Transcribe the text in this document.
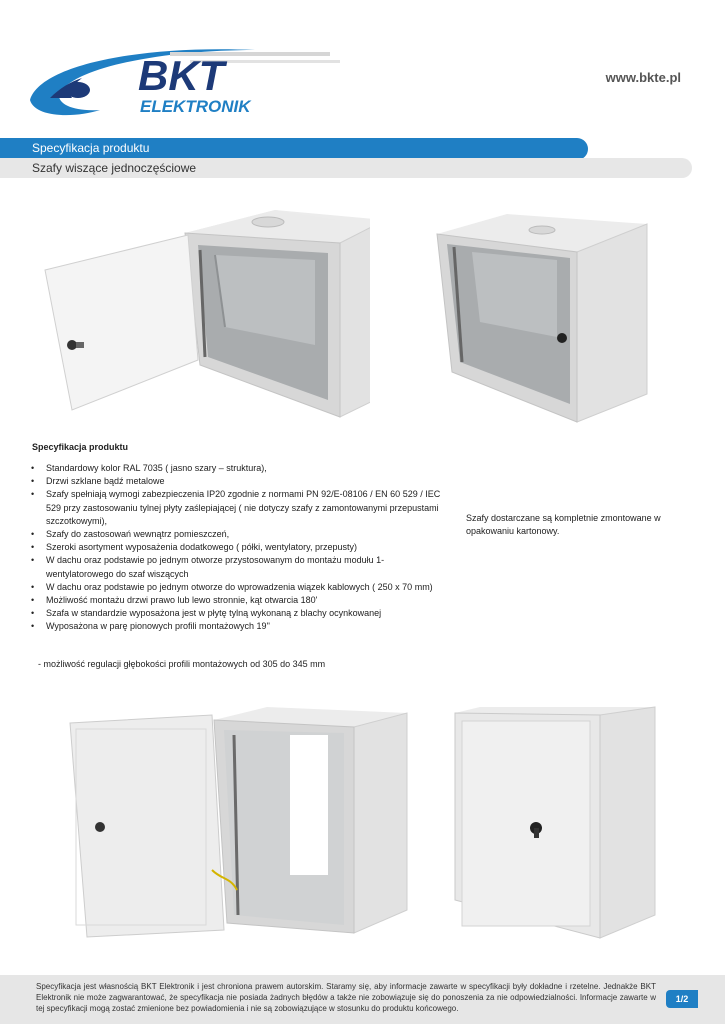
BKT
ELEKTRONIK
www.bkte.pl
Specyfikacja produktu
Szafy wiszące jednoczęściowe
Specyfikacja produktu
• Standardowy kolor RAL 7035 ( jasno szary – struktura),
• Drzwi szklane bądź metalowe
• Szafy spełniają wymogi zabezpieczenia IP20 zgodnie z normami PN 92/E-08106 / EN 60 529 / IEC 529 przy zastosowaniu tylnej płyty zaślepiającej ( nie dotyczy szafy z zamontowanymi przepustami szczotkowymi),
• Szafy do zastosowań wewnątrz pomieszczeń,
• Szeroki asortyment wyposażenia dodatkowego ( półki, wentylatory, przepusty)
• W dachu oraz podstawie po jednym otworze przystosowanym do montażu modułu 1-wentylatorowego do szaf wiszących
• W dachu oraz podstawie po jednym otworze do wprowadzenia wiązek kablowych ( 250 x 70 mm)
• Możliwość montażu drzwi prawo lub lewo stronnie, kąt otwarcia 180'
• Szafa w standardzie wyposażona jest w płytę tylną wykonaną z blachy ocynkowanej
• Wyposażona w parę pionowych profili montażowych 19''
- możliwość regulacji głębokości profili montażowych od 305 do 345 mm
Szafy dostarczane są kompletnie zmontowane w opakowaniu kartonowy.
Specyfikacja jest własnością BKT Elektronik i jest chroniona prawem autorskim. Staramy się, aby informacje zawarte w specyfikacji były dokładne i rzetelne. Jednakże BKT Elektronik nie może zagwarantować, że specyfikacja nie posiada żadnych błędów a także nie zobowiązuje się do ponoszenia za nie odpowiedzialności. Informacje zawarte w tej specyfikacji mogą zostać zmienione bez powiadomienia i nie są zobowiązujące w stosunku do produktu końcowego.
1/2
